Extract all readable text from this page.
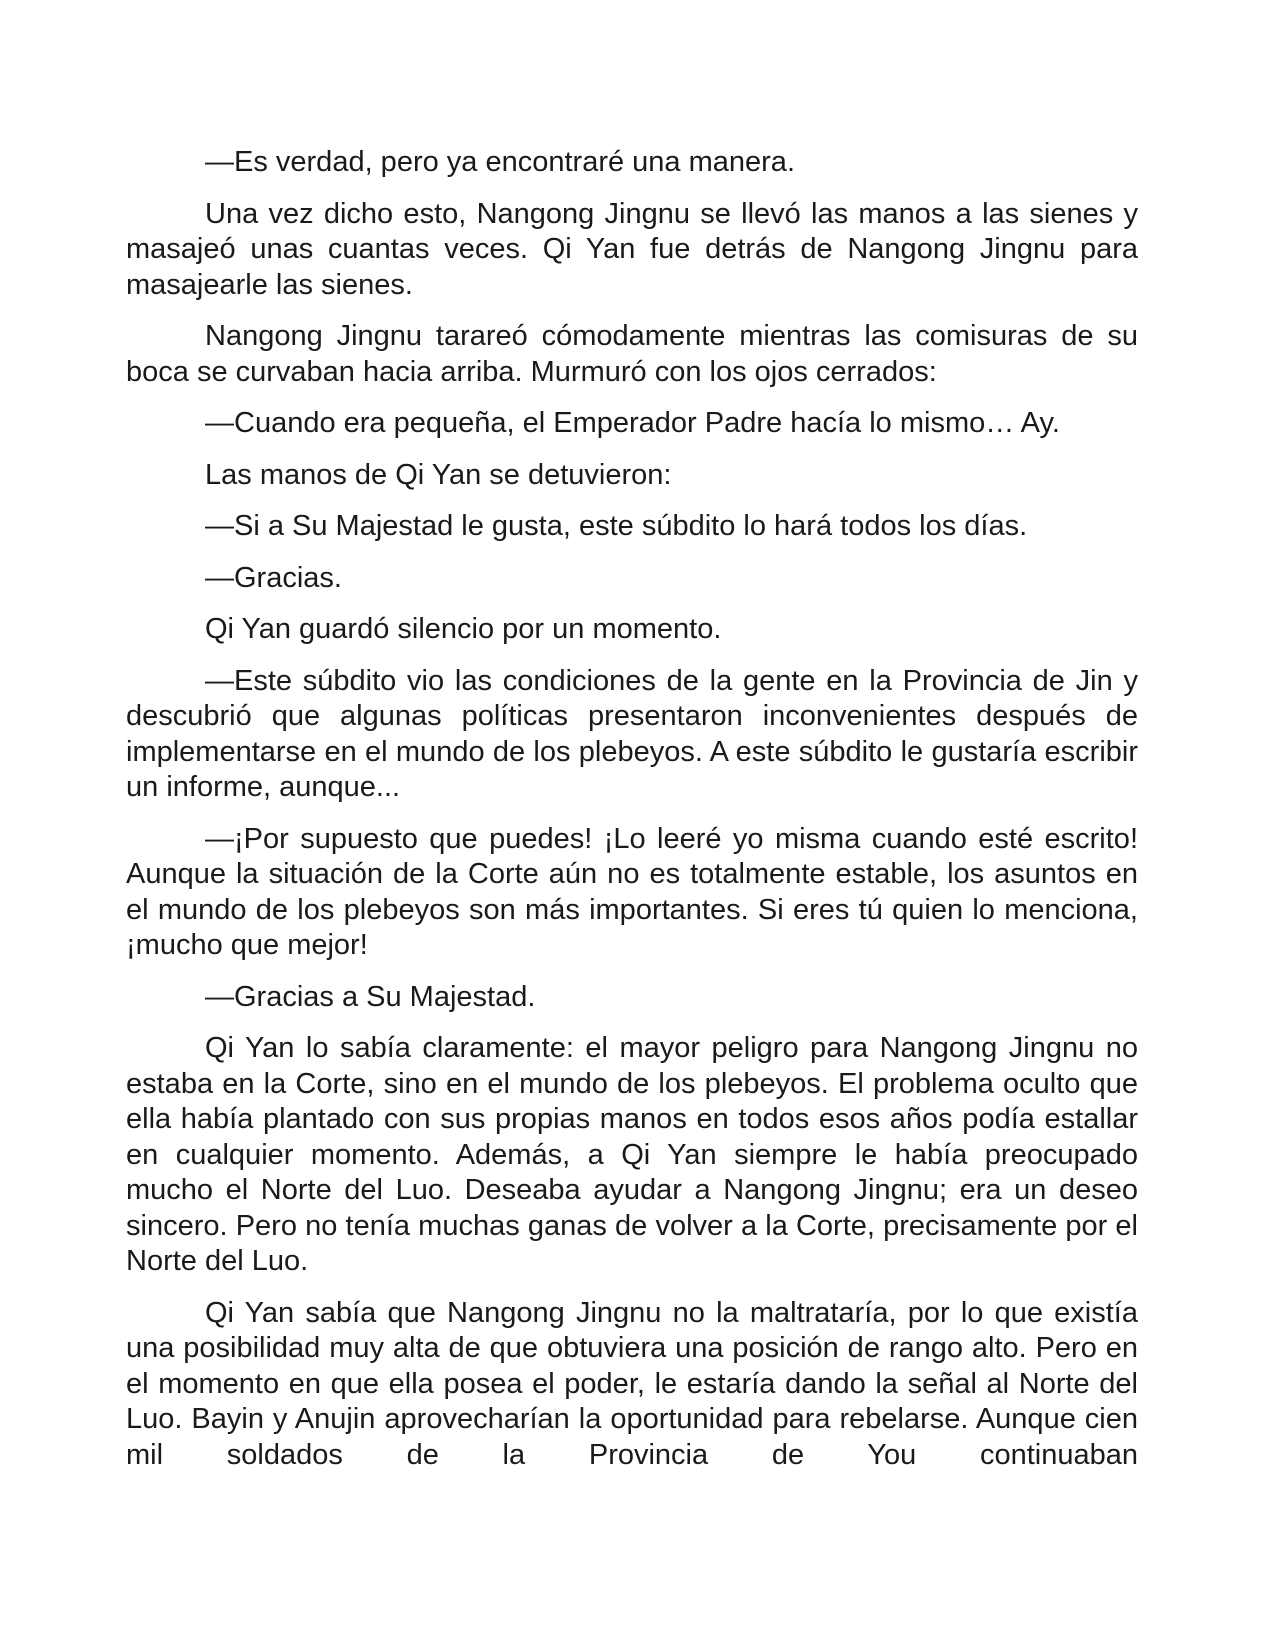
—Es verdad, pero ya encontraré una manera.

Una vez dicho esto, Nangong Jingnu se llevó las manos a las sienes y masajeó unas cuantas veces. Qi Yan fue detrás de Nangong Jingnu para masajearle las sienes.

Nangong Jingnu tarareó cómodamente mientras las comisuras de su boca se curvaban hacia arriba. Murmuró con los ojos cerrados:

—Cuando era pequeña, el Emperador Padre hacía lo mismo… Ay.

Las manos de Qi Yan se detuvieron:

—Si a Su Majestad le gusta, este súbdito lo hará todos los días.

—Gracias.

Qi Yan guardó silencio por un momento.

—Este súbdito vio las condiciones de la gente en la Provincia de Jin y descubrió que algunas políticas presentaron inconvenientes después de implementarse en el mundo de los plebeyos. A este súbdito le gustaría escribir un informe, aunque...

—¡Por supuesto que puedes! ¡Lo leeré yo misma cuando esté escrito! Aunque la situación de la Corte aún no es totalmente estable, los asuntos en el mundo de los plebeyos son más importantes. Si eres tú quien lo menciona, ¡mucho que mejor!

—Gracias a Su Majestad.

Qi Yan lo sabía claramente: el mayor peligro para Nangong Jingnu no estaba en la Corte, sino en el mundo de los plebeyos. El problema oculto que ella había plantado con sus propias manos en todos esos años podía estallar en cualquier momento. Además, a Qi Yan siempre le había preocupado mucho el Norte del Luo. Deseaba ayudar a Nangong Jingnu; era un deseo sincero. Pero no tenía muchas ganas de volver a la Corte, precisamente por el Norte del Luo.

Qi Yan sabía que Nangong Jingnu no la maltrataría, por lo que existía una posibilidad muy alta de que obtuviera una posición de rango alto. Pero en el momento en que ella posea el poder, le estaría dando la señal al Norte del Luo. Bayin y Anujin aprovecharían la oportunidad para rebelarse. Aunque cien mil soldados de la Provincia de You continuaban
